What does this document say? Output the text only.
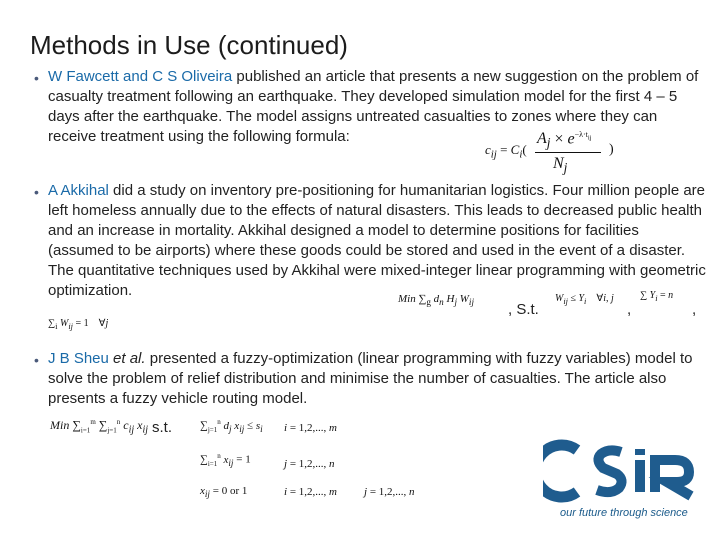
Methods in Use (continued)
• W Fawcett and C S Oliveira published an article that presents a new suggestion on the problem of casualty treatment following an earthquake. They developed simulation model for the first 4 – 5 days after the earthquake. The model assigns untreated casualties to zones where they can receive treatment using the following formula:

$c_{ij} = C_i$(
$A_j \times e^{-\lambda\cdot t_{ij}}$
$N_j$
)
• A Akkihal did a study on inventory pre-positioning for humanitarian logistics. Four million people are left homeless annually due to the effects of natural disasters. This leads to decreased public health and an increase in mortality. Akkihal designed a model to determine positions for facilities (assumed to be airports) where these goods could be stored and used in the event of a disaster. The quantitative techniques used by Akkihal were mixed-integer linear programming with geometric optimization.	Min $\sum_g$ $d_n$ $H_j$ $W_{ij}$ , S.t.
$W_{ij} \le Y_i$    ∀i, j
,
∑ $Y_i = n$
,
$\sum_i$ $W_{ij} = 1$    ∀j
• J B Sheu et al. presented a fuzzy-optimization (linear programming with fuzzy variables) model to solve the problem of relief distribution and minimise the number of casualties. The article also presents a fuzzy vehicle routing model.

Min $\sum_{i=1}^m$ $\sum_{j=1}^n$ $c_{ij}$ $x_{ij}$ s.t.	$\sum_{j=1}^n$ $d_j$ $x_{ij} \le s_i$ i = 1,2,..., m
$\sum_{i=1}^n$ $x_{ij} = 1$	j = 1,2,..., n
$x_{ij} = 0$ or 1	i = 1,2,..., m j = 1,2,..., n
our future through science
